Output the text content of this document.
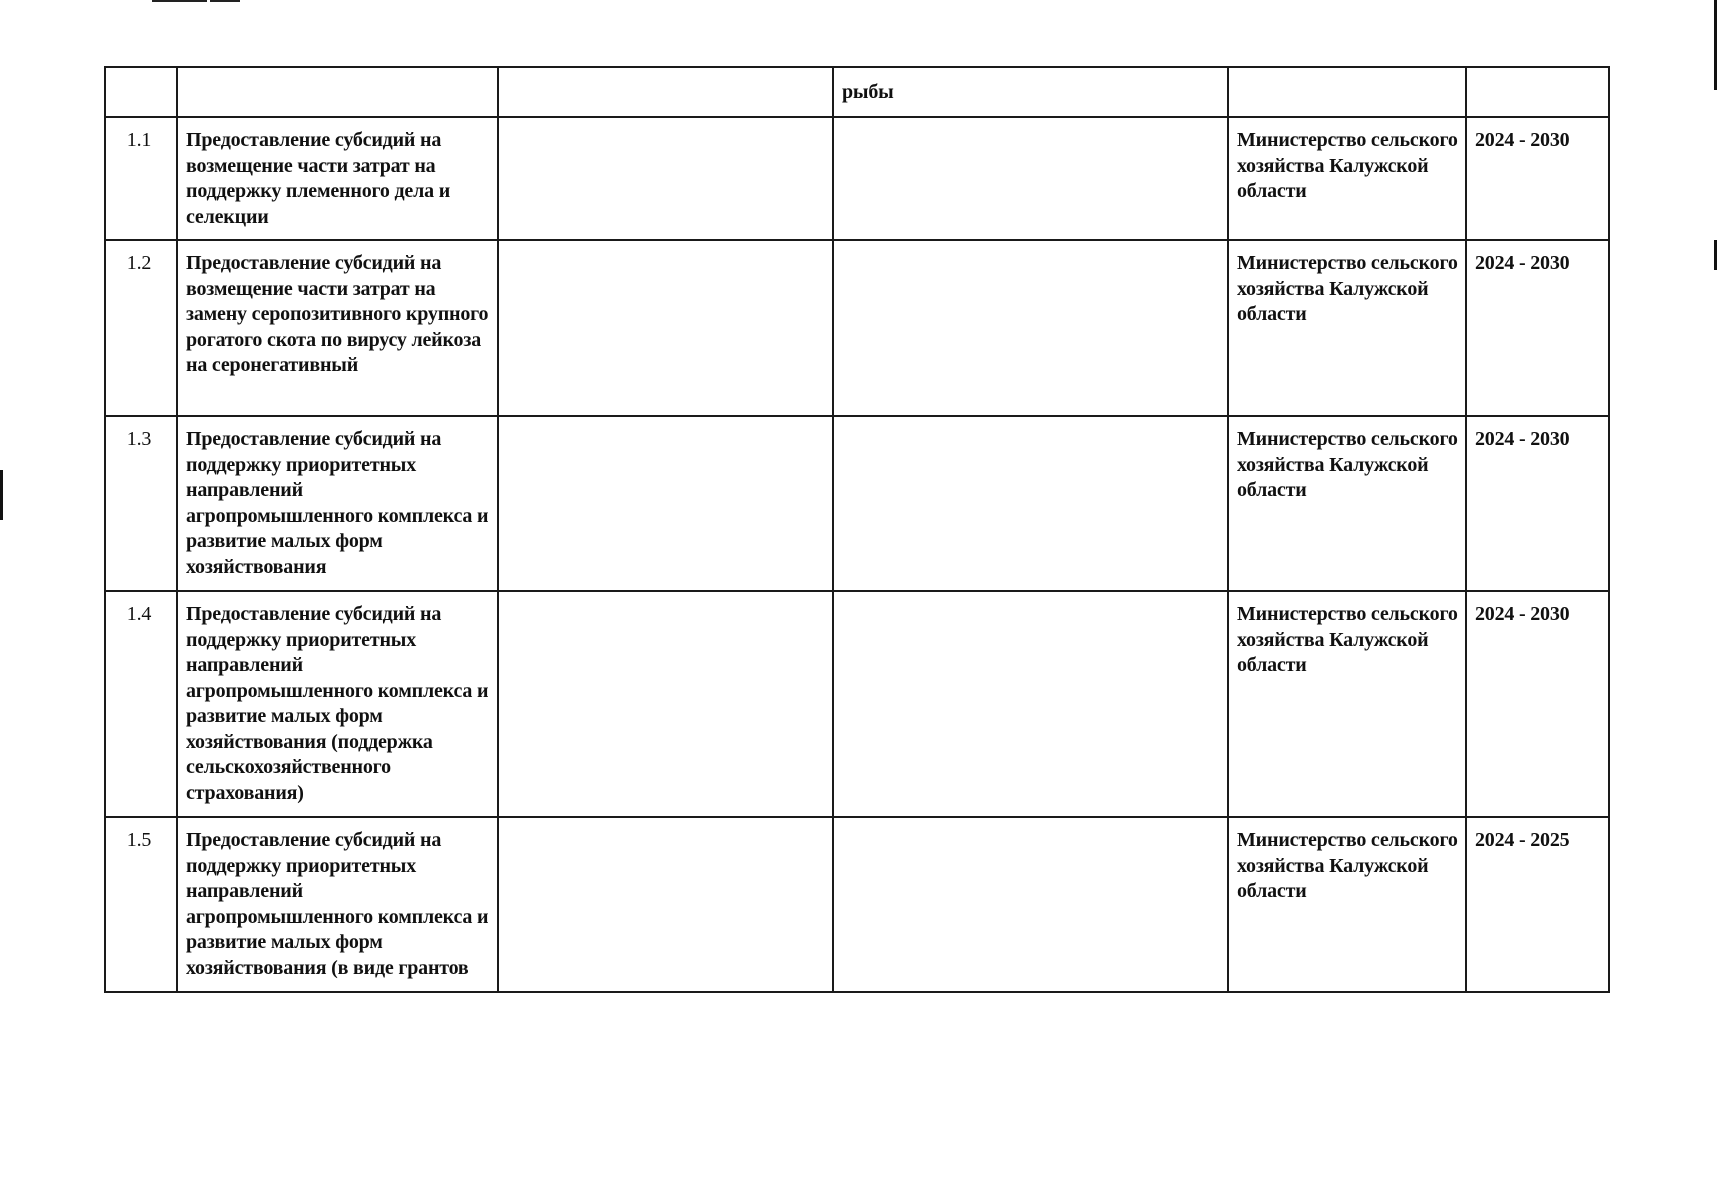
			рыбы		
1.1	Предоставление субсидий на возмещение части затрат на поддержку племенного дела и селекции			Министерство сельского хозяйства Калужской области	2024 - 2030
1.2	Предоставление субсидий на возмещение части затрат на замену серопозитивного крупного рогатого скота по вирусу лейкоза на серонегативный			Министерство сельского хозяйства Калужской области	2024 - 2030
1.3	Предоставление субсидий на поддержку приоритетных направлений агропромышленного комплекса и развитие малых форм хозяйствования			Министерство сельского хозяйства Калужской области	2024 - 2030
1.4	Предоставление субсидий на поддержку приоритетных направлений агропромышленного комплекса и развитие малых форм хозяйствования (поддержка сельскохозяйственного страхования)			Министерство сельского хозяйства Калужской области	2024 - 2030
1.5	Предоставление субсидий на поддержку приоритетных направлений агропромышленного комплекса и развитие малых форм хозяйствования (в виде грантов			Министерство сельского хозяйства Калужской области	2024 - 2025
